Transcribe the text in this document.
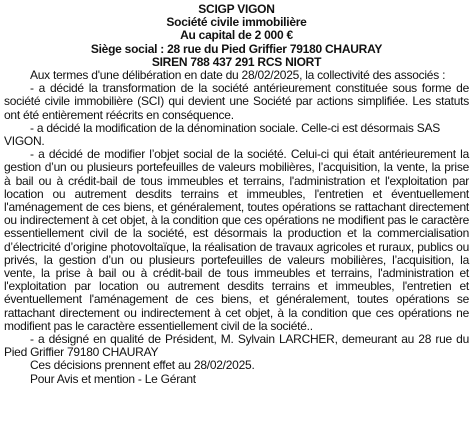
SCIGP VIGON

Société civile immobilière

Au capital de 2 000 €

Siège social : 28 rue du Pied Griffier 79180 CHAURAY

SIREN 788 437 291 RCS NIORT

Aux termes d'une délibération en date du 28/02/2025, la collectivité des associés :

- a décidé la transformation de la société antérieurement constituée sous forme de société civile immobilière (SCI) qui devient une Société par actions simplifiée. Les statuts ont été entièrement réécrits en conséquence.

- a décidé la modification de la dénomination sociale. Celle-ci est désormais SAS VIGON.

- a décidé de modifier l’objet social de la société. Celui-ci qui était antérieurement la gestion d’un ou plusieurs portefeuilles de valeurs mobilières, l’acquisition, la vente, la prise à bail ou à crédit-bail de tous immeubles et terrains, l'administration et l'exploitation par location ou autrement desdits terrains et immeubles, l'entretien et éventuellement l'aménagement de ces biens, et généralement, toutes opérations se rattachant directement ou indirectement à cet objet, à la condition que ces opérations ne modifient pas le caractère essentiellement civil de la société, est désormais la production et la commercialisation d’électricité d’origine photovoltaïque, la réalisation de travaux agricoles et ruraux, publics ou privés, la gestion d’un ou plusieurs portefeuilles de valeurs mobilières, l’acquisition, la vente, la prise à bail ou à crédit-bail de tous immeubles et terrains, l'administration et l'exploitation par location ou autrement desdits terrains et immeubles, l'entretien et éventuellement l'aménagement de ces biens, et généralement, toutes opérations se rattachant directement ou indirectement à cet objet, à la condition que ces opérations ne modifient pas le caractère essentiellement civil de la société..

- a désigné en qualité de Président, M. Sylvain LARCHER, demeurant au 28 rue du Pied Griffier 79180 CHAURAY

Ces décisions prennent effet au 28/02/2025.

Pour Avis et mention - Le Gérant
